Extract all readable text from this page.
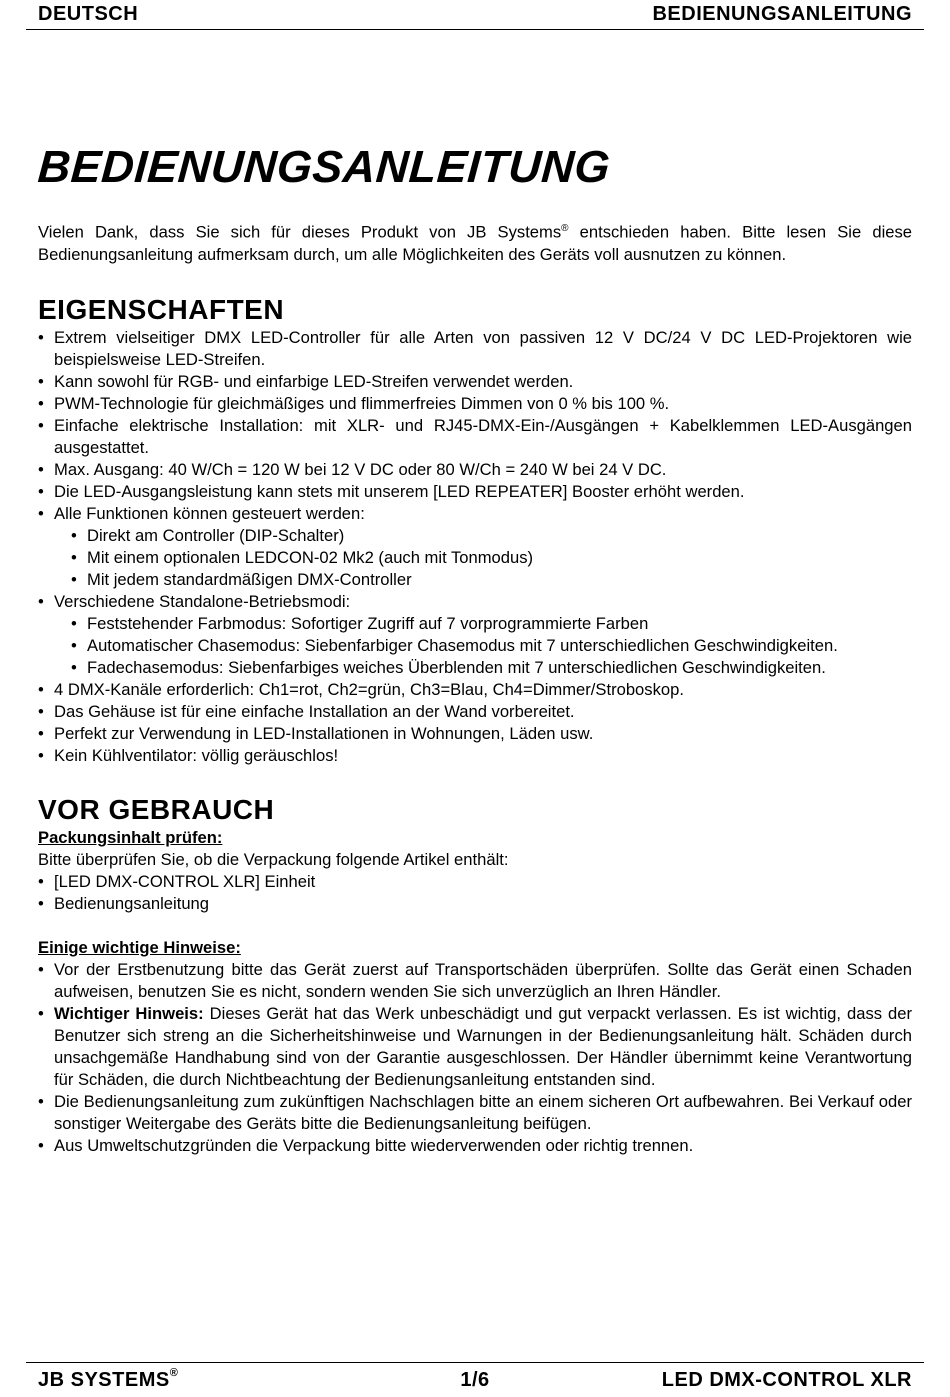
DEUTSCH	BEDIENUNGSANLEITUNG
BEDIENUNGSANLEITUNG

Vielen Dank, dass Sie sich für dieses Produkt von JB Systems® entschieden haben. Bitte lesen Sie diese Bedienungsanleitung aufmerksam durch, um alle Möglichkeiten des Geräts voll ausnutzen zu können.

EIGENSCHAFTEN
• Extrem vielseitiger DMX LED-Controller für alle Arten von passiven 12 V DC/24 V DC LED-Projektoren wie beispielsweise LED-Streifen.
• Kann sowohl für RGB- und einfarbige LED-Streifen verwendet werden.
• PWM-Technologie für gleichmäßiges und flimmerfreies Dimmen von 0 % bis 100 %.
• Einfache elektrische Installation: mit XLR- und RJ45-DMX-Ein-/Ausgängen + Kabelklemmen LED-Ausgängen ausgestattet.
• Max. Ausgang: 40 W/Ch = 120 W bei 12 V DC oder 80 W/Ch = 240 W bei 24 V DC.
• Die LED-Ausgangsleistung kann stets mit unserem [LED REPEATER] Booster erhöht werden.
• Alle Funktionen können gesteuert werden:
• Direkt am Controller (DIP-Schalter)
• Mit einem optionalen LEDCON-02 Mk2 (auch mit Tonmodus)
• Mit jedem standardmäßigen DMX-Controller
• Verschiedene Standalone-Betriebsmodi:
• Feststehender Farbmodus: Sofortiger Zugriff auf 7 vorprogrammierte Farben
• Automatischer Chasemodus: Siebenfarbiger Chasemodus mit 7 unterschiedlichen Geschwindigkeiten.
• Fadechasemodus: Siebenfarbiges weiches Überblenden mit 7 unterschiedlichen Geschwindigkeiten.
• 4 DMX-Kanäle erforderlich: Ch1=rot, Ch2=grün, Ch3=Blau, Ch4=Dimmer/Stroboskop.
• Das Gehäuse ist für eine einfache Installation an der Wand vorbereitet.
• Perfekt zur Verwendung in LED-Installationen in Wohnungen, Läden usw.
• Kein Kühlventilator: völlig geräuschlos!
VOR GEBRAUCH

Packungsinhalt prüfen:

Bitte überprüfen Sie, ob die Verpackung folgende Artikel enthält:

• [LED DMX-CONTROL XLR] Einheit
• Bedienungsanleitung

Einige wichtige Hinweise:

• Vor der Erstbenutzung bitte das Gerät zuerst auf Transportschäden überprüfen. Sollte das Gerät einen Schaden aufweisen, benutzen Sie es nicht, sondern wenden Sie sich unverzüglich an Ihren Händler.
• Wichtiger Hinweis: Dieses Gerät hat das Werk unbeschädigt und gut verpackt verlassen. Es ist wichtig, dass der Benutzer sich streng an die Sicherheitshinweise und Warnungen in der Bedienungsanleitung hält. Schäden durch unsachgemäße Handhabung sind von der Garantie ausgeschlossen. Der Händler übernimmt keine Verantwortung für Schäden, die durch Nichtbeachtung der Bedienungsanleitung entstanden sind.
• Die Bedienungsanleitung zum zukünftigen Nachschlagen bitte an einem sicheren Ort aufbewahren. Bei Verkauf oder sonstiger Weitergabe des Geräts bitte die Bedienungsanleitung beifügen.
• Aus Umweltschutzgründen die Verpackung bitte wiederverwenden oder richtig trennen.
JB SYSTEMS®	1/6	LED DMX-CONTROL XLR
